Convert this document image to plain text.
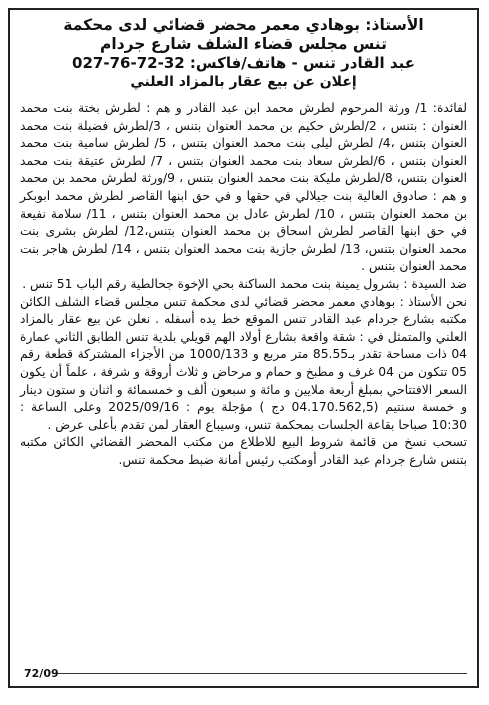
الأستاذ: بوهادي معمر محضر قضائي لدى محكمة
تنس مجلس قضاء الشلف شارع جردام
عبد القادر تنس - هاتف/فاكس: 32-72-76-027
إعلان عن بيع عقار بالمزاد العلني

لفائدة: 1/ ورثة المرحوم لطرش محمد ابن عبد القادر و هم : لطرش بختة بنت محمد العنوان : بتنس ، 2/لطرش حكيم بن محمد العنوان بتنس ، 3/لطرش فضيلة بنت محمد العنوان بتنس ،4/ لطرش ليلى بنت محمد العنوان بتنس ، 5/ لطرش سامية بنت محمد العنوان بتنس ، 6/لطرش سعاد بنت محمد العنوان بتنس ، 7/ لطرش عتيقة بنت محمد العنوان بتنس، 8/لطرش مليكة بنت محمد العنوان بتنس ، 9/ورثة لطرش محمد بن محمد و هم : صادوق العالية بنت جيلالي في حقها و في حق ابنها القاصر لطرش محمد ابوبكر بن محمد العنوان بتنس ، 10/ لطرش عادل بن محمد العنوان بتنس ، 11/ سلامة نفيعة في حق ابنها القاصر لطرش اسحاق بن محمد العنوان بتنس،12/ لطرش بشرى بنت محمد العنوان بتنس، 13/ لطرش جازية بنت محمد العنوان بتنس ، 14/ لطرش هاجر بنت محمد العنوان بتنس .

ضد السيدة : بشرول يمينة بنت محمد الساكنة بحي الإخوة جحالطية رقم الباب 51 تنس .

نحن الأستاذ : بوهادي معمر محضر قضائي لدى محكمة تنس مجلس قضاء الشلف الكائن مكتبه بشارع جردام عبد القادر تنس الموقع خط يده أسفله . نعلن عن بيع عقار بالمزاد العلني والمتمثل في : شقة واقعة بشارع أولاد الهم قويلي بلدية تنس الطابق الثاني عمارة 04 ذات مساحة تقدر بـ85.55 متر مربع و 1000/133 من الأجزاء المشتركة قطعة رقم 05 تتكون من 04 غرف و مطبخ و حمام و مرحاض و ثلاث أروقة و شرفة ، علماً أن يكون السعر الافتتاحي بمبلغ أربعة ملايين و مائة و سبعون ألف و خمسمائة و اثنان و ستون دينار و خمسة سنتيم (04.170.562,5 دج ) مؤجلة يوم : 2025/09/16 وعلى الساعة : 10:30 صباحا بقاعة الجلسات بمحكمة تنس، وسيباع العقار لمن تقدم بأعلى عرض .

تسحب نسخ من قائمة شروط البيع للاطلاع من مكتب المحضر القضائي الكائن مكتبه بتنس شارع جردام عبد القادر أومكتب رئيس أمانة ضبط محكمة تنس.

72/09
